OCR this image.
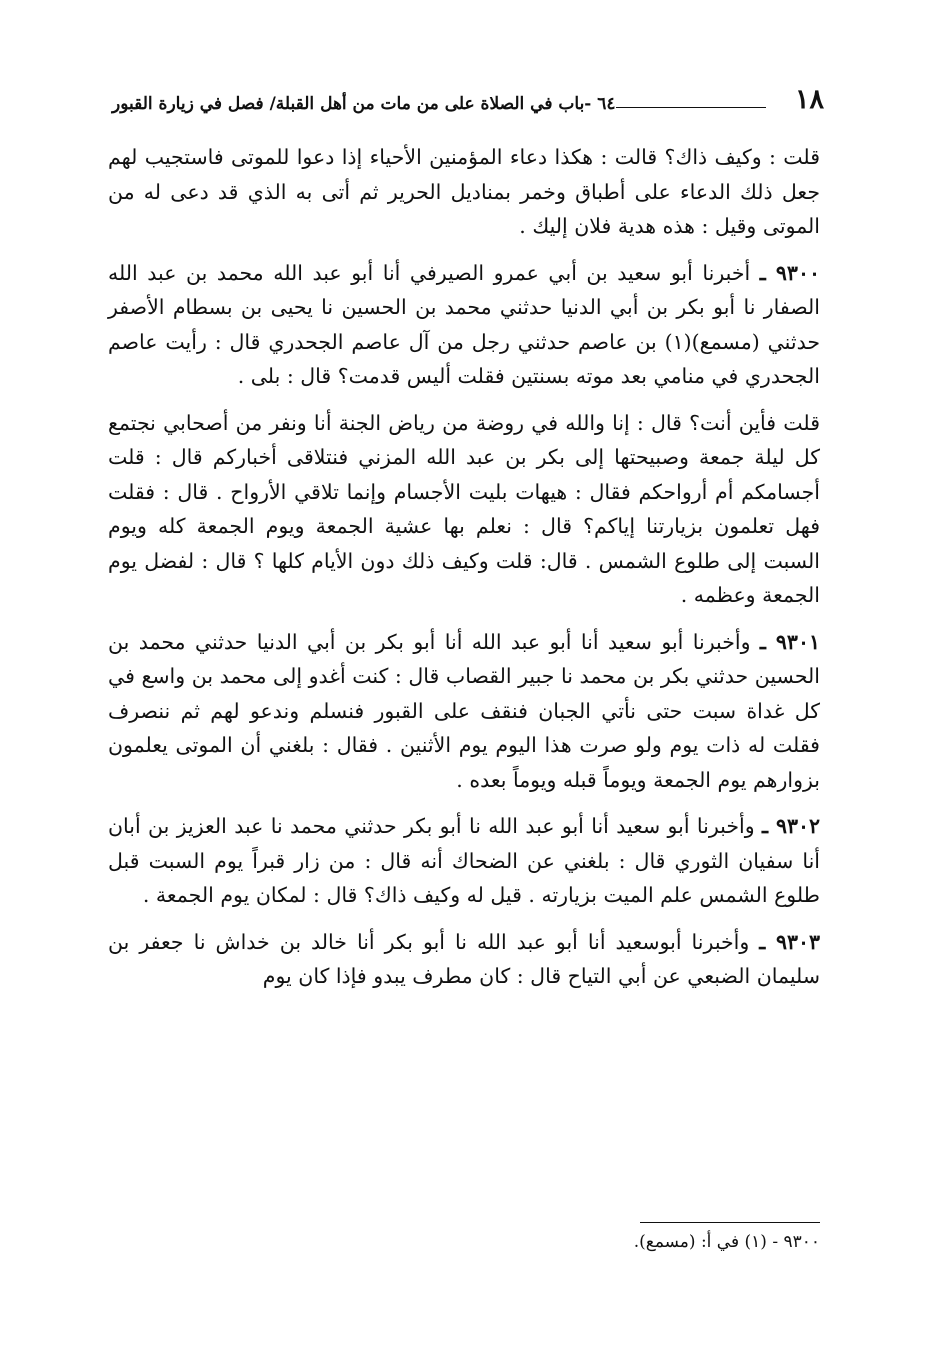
١٨
٦٤ -باب في الصلاة على من مات من أهل القبلة/ فصل في زيارة القبور

قلت : وكيف ذاك؟ قالت : هكذا دعاء المؤمنين الأحياء إذا دعوا للموتى فاستجيب لهم جعل ذلك الدعاء على أطباق وخمر بمناديل الحرير ثم أتى به الذي قد دعى له من الموتى وقيل : هذه هدية فلان إليك .

٩٣٠٠ ـ أخبرنا أبو سعيد بن أبي عمرو الصيرفي أنا أبو عبد الله محمد بن عبد الله الصفار نا أبو بكر بن أبي الدنيا حدثني محمد بن الحسين نا يحيى بن بسطام الأصفر حدثني (مسمع)(١) بن عاصم حدثني رجل من آل عاصم الجحدري قال : رأيت عاصم الجحدري في منامي بعد موته بسنتين فقلت أليس قدمت؟ قال : بلى .

قلت فأين أنت؟ قال : إنا والله في روضة من رياض الجنة أنا ونفر من أصحابي نجتمع كل ليلة جمعة وصبيحتها إلى بكر بن عبد الله المزني فنتلاقى أخباركم قال : قلت أجسامكم أم أرواحكم فقال : هيهات بليت الأجسام وإنما تلاقي الأرواح . قال : فقلت فهل تعلمون بزيارتنا إياكم؟ قال : نعلم بها عشية الجمعة ويوم الجمعة كله ويوم السبت إلى طلوع الشمس . قال: قلت وكيف ذلك دون الأيام كلها ؟ قال : لفضل يوم الجمعة وعظمه .

٩٣٠١ ـ وأخبرنا أبو سعيد أنا أبو عبد الله أنا أبو بكر بن أبي الدنيا حدثني محمد بن الحسين حدثني بكر بن محمد نا جبير القصاب قال : كنت أغدو إلى محمد بن واسع في كل غداة سبت حتى نأتي الجبان فنقف على القبور فنسلم وندعو لهم ثم ننصرف فقلت له ذات يوم ولو صرت هذا اليوم يوم الأثنين . فقال : بلغني أن الموتى يعلمون بزوارهم يوم الجمعة ويوماً قبله ويوماً بعده .

٩٣٠٢ ـ وأخبرنا أبو سعيد أنا أبو عبد الله نا أبو بكر حدثني محمد نا عبد العزيز بن أبان أنا سفيان الثوري قال : بلغني عن الضحاك أنه قال : من زار قبراً يوم السبت قبل طلوع الشمس علم الميت بزيارته . قيل له وكيف ذاك؟ قال : لمكان يوم الجمعة .

٩٣٠٣ ـ وأخبرنا أبوسعيد أنا أبو عبد الله نا أبو بكر أنا خالد بن خداش نا جعفر بن سليمان الضبعي عن أبي التياح قال : كان مطرف يبدو فإذا كان يوم

٩٣٠٠ - (١) في أ: (مسمع).
